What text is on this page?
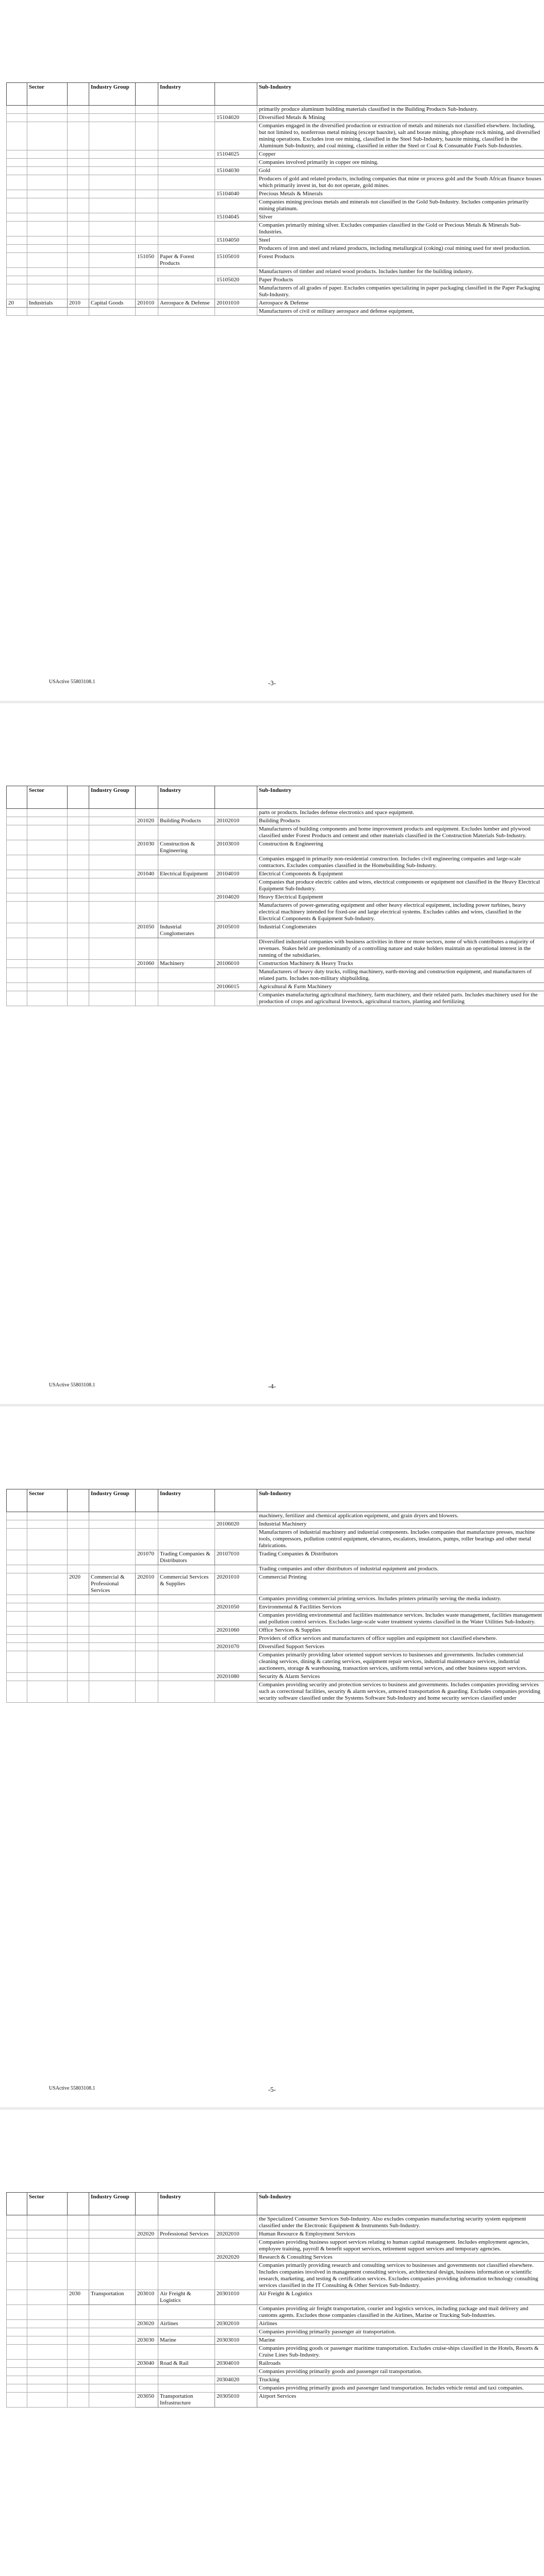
	Sector		Industry Group		Industry		Sub-Industry
							primarily produce aluminum building materials classified in the Building Products Sub-Industry.
						15104020	Diversified Metals & Mining
							Companies engaged in the diversified production or extraction of metals and minerals not classified elsewhere. Including, but not limited to, nonferrous metal mining (except bauxite), salt and borate mining, phosphate rock mining, and diversified mining operations. Excludes iron ore mining, classified in the Steel Sub-Industry, bauxite mining, classified in the Aluminum Sub-Industry, and coal mining, classified in either the Steel or Coal & Consumable Fuels Sub-Industries.
						15104025	Copper
							Companies involved primarily in copper ore mining.
						15104030	Gold
							Producers of gold and related products, including companies that mine or process gold and the South African finance houses which primarily invest in, but do not operate, gold mines.
						15104040	Precious Metals & Minerals
							Companies mining precious metals and minerals not classified in the Gold Sub-Industry. Includes companies primarily mining platinum.
						15104045	Silver
							Companies primarily mining silver. Excludes companies classified in the Gold or Precious Metals & Minerals Sub-Industries.
						15104050	Steel
							Producers of iron and steel and related products, including metallurgical (coking) coal mining used for steel production.
				151050	Paper & Forest Products	15105010	Forest Products
							Manufacturers of timber and related wood products. Includes lumber for the building industry.
						15105020	Paper Products
							Manufacturers of all grades of paper. Excludes companies specializing in paper packaging classified in the Paper Packaging Sub-Industry.
20	Industrials	2010	Capital Goods	201010	Aerospace & Defense	20101010	Aerospace & Defense
							Manufacturers of civil or military aerospace and defense equipment,
USActive 55803108.1	-3-
	Sector		Industry Group		Industry		Sub-Industry
							parts or products. Includes defense electronics and space equipment.
				201020	Building Products	20102010	Building Products
							Manufacturers of building components and home improvement products and equipment. Excludes lumber and plywood classified under Forest Products and cement and other materials classified in the Construction Materials Sub-Industry.
				201030	Construction & Engineering	20103010	Construction & Engineering
							Companies engaged in primarily non-residential construction. Includes civil engineering companies and large-scale contractors. Excludes companies classified in the Homebuilding Sub-Industry.
				201040	Electrical Equipment	20104010	Electrical Components & Equipment
							Companies that produce electric cables and wires, electrical components or equipment not classified in the Heavy Electrical Equipment Sub-Industry.
						20104020	Heavy Electrical Equipment
							Manufacturers of power-generating equipment and other heavy electrical equipment, including power turbines, heavy electrical machinery intended for fixed-use and large electrical systems. Excludes cables and wires, classified in the Electrical Components & Equipment Sub-Industry.
				201050	Industrial Conglomerates	20105010	Industrial Conglomerates
							Diversified industrial companies with business activities in three or more sectors, none of which contributes a majority of revenues. Stakes held are predominantly of a controlling nature and stake holders maintain an operational interest in the running of the subsidiaries.
				201060	Machinery	20106010	Construction Machinery & Heavy Trucks
							Manufacturers of heavy duty trucks, rolling machinery, earth-moving and construction equipment, and manufacturers of related parts. Includes non-military shipbuilding.
						20106015	Agricultural & Farm Machinery
							Companies manufacturing agricultural machinery, farm machinery, and their related parts. Includes machinery used for the production of crops and agricultural livestock, agricultural tractors, planting and fertilizing
USActive 55803108.1	-4-
	Sector		Industry Group		Industry		Sub-Industry
							machinery, fertilizer and chemical application equipment, and grain dryers and blowers.
						20106020	Industrial Machinery
							Manufacturers of industrial machinery and industrial components. Includes companies that manufacture presses, machine tools, compressors, pollution control equipment, elevators, escalators, insulators, pumps, roller bearings and other metal fabrications.
				201070	Trading Companies & Distributors	20107010	Trading Companies & Distributors
							Trading companies and other distributors of industrial equipment and products.
		2020	Commercial & Professional Services	202010	Commercial Services & Supplies	20201010	Commercial Printing
							Companies providing commercial printing services. Includes printers primarily serving the media industry.
						20201050	Environmental & Facilities Services
							Companies providing environmental and facilities maintenance services. Includes waste management, facilities management and pollution control services. Excludes large-scale water treatment systems classified in the Water Utilities Sub-Industry.
						20201060	Office Services & Supplies
							Providers of office services and manufacturers of office supplies and equipment not classified elsewhere.
						20201070	Diversified Support Services
							Companies primarily providing labor oriented support services to businesses and governments. Includes commercial cleaning services, dining & catering services, equipment repair services, industrial maintenance services, industrial auctioneers, storage & warehousing, transaction services, uniform rental services, and other business support services.
						20201080	Security & Alarm Services
							Companies providing security and protection services to business and governments. Includes companies providing services such as correctional facilities, security & alarm services, armored transportation & guarding. Excludes companies providing security software classified under the Systems Software Sub-Industry and home security services classified under
USActive 55803108.1	-5-
	Sector		Industry Group		Industry		Sub-Industry
							the Specialized Consumer Services Sub-Industry. Also excludes companies manufacturing security system equipment classified under the Electronic Equipment & Instruments Sub-Industry.
				202020	Professional Services	20202010	Human Resource & Employment Services
							Companies providing business support services relating to human capital management. Includes employment agencies, employee training, payroll & benefit support services, retirement support services and temporary agencies.
						20202020	Research & Consulting Services
							Companies primarily providing research and consulting services to businesses and governments not classified elsewhere. Includes companies involved in management consulting services, architectural design, business information or scientific research, marketing, and testing & certification services. Excludes companies providing information technology consulting services classified in the IT Consulting & Other Services Sub-Industry.
		2030	Transportation	203010	Air Freight & Logistics	20301010	Air Freight & Logistics
							Companies providing air freight transportation, courier and logistics services, including package and mail delivery and customs agents. Excludes those companies classified in the Airlines, Marine or Trucking Sub-Industries.
				203020	Airlines	20302010	Airlines
							Companies providing primarily passenger air transportation.
				203030	Marine	20303010	Marine
							Companies providing goods or passenger maritime transportation. Excludes cruise-ships classified in the Hotels, Resorts & Cruise Lines Sub-Industry.
				203040	Road & Rail	20304010	Railroads
							Companies providing primarily goods and passenger rail transportation.
						20304020	Trucking
							Companies providing primarily goods and passenger land transportation. Includes vehicle rental and taxi companies.
				203050	Transportation Infrastructure	20305010	Airport Services
